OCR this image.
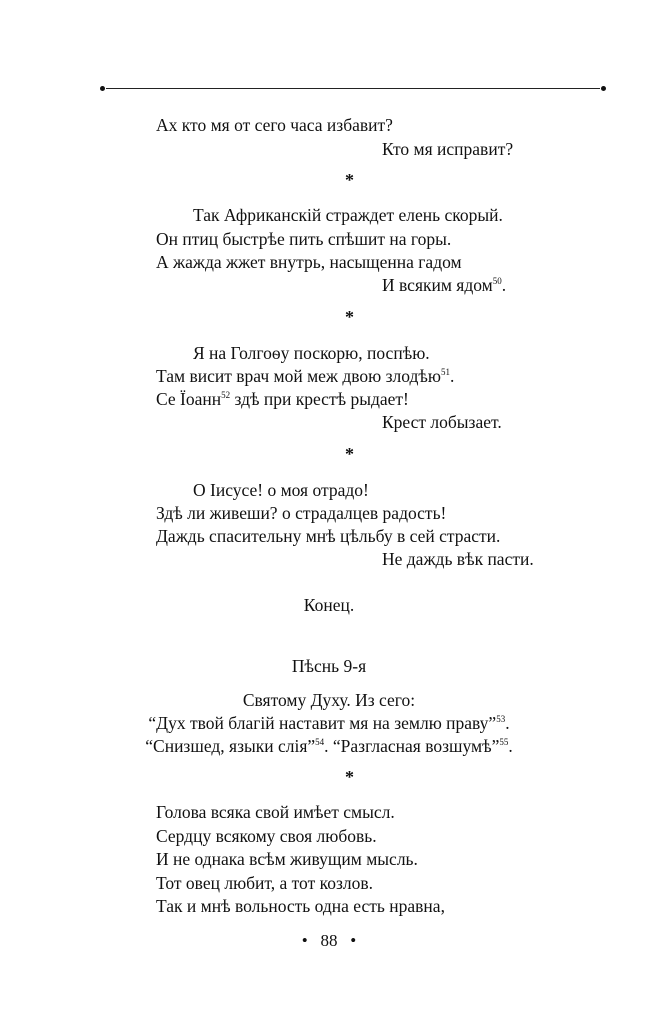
Ах кто мя от сего часа избавит?
Кто мя исправит?
*
Так Африканскій страждет елень скорый.
Он птиц быстрѣе пить спѣшит на горы.
А жажда жжет внутрь, насыщенна гадом
И всяким ядом$^{50}$.
*
Я на Голгоѳу поскорю, поспѣю.
Там висит врач мой меж двою злодѣю$^{51}$.
Се Їоанн$^{52}$ здѣ при крестѣ рыдает!
Крест лобызает.
*
О Іисусе! о моя отрадо!
Здѣ ли живеши? о страдалцев радость!
Даждь спасительну мнѣ цѣльбу в сей страсти.
Не даждь вѣк пасти.
Конец.
Пѣснь 9-я
Святому Духу. Из сего:
“Дух твой благій наставит мя на землю праву”$^{53}$.
“Снизшед, языки слія”$^{54}$. “Разгласная возшумѣ”$^{55}$.
*
Голова всяка свой имѣет смысл.
Сердцу всякому своя любовь.
И не однака всѣм живущим мысль.
Тот овец любит, а тот козлов.
Так и мнѣ вольность одна есть нравна,
• 88 •
